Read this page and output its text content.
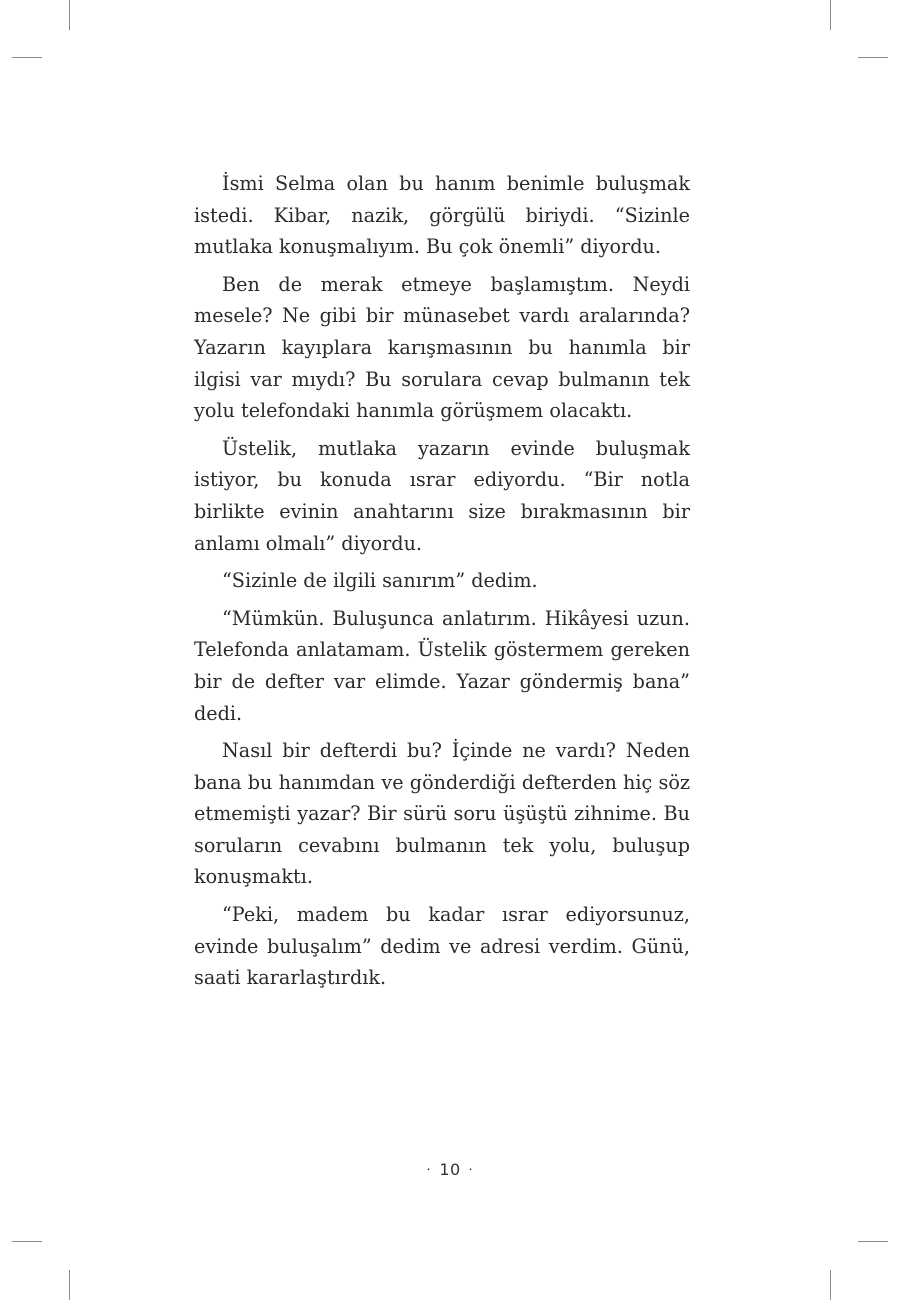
İsmi Selma olan bu hanım benimle buluşmak istedi. Kibar, nazik, görgülü biriydi. “Sizinle mutlaka konuşmalıyım. Bu çok önemli” diyordu.

Ben de merak etmeye başlamıştım. Neydi mesele? Ne gibi bir münasebet vardı aralarında? Yazarın kayıplara karışmasının bu hanımla bir ilgisi var mıydı? Bu sorulara cevap bulmanın tek yolu telefondaki hanımla görüşmem olacaktı.

Üstelik, mutlaka yazarın evinde buluşmak istiyor, bu konuda ısrar ediyordu. “Bir notla birlikte evinin anahtarını size bırakmasının bir anlamı olmalı” diyordu.

“Sizinle de ilgili sanırım” dedim.

“Mümkün. Buluşunca anlatırım. Hikâyesi uzun. Telefonda anlatamam. Üstelik göstermem gereken bir de defter var elimde. Yazar göndermiş bana” dedi.

Nasıl bir defterdi bu? İçinde ne vardı? Neden bana bu hanımdan ve gönderdiği defterden hiç söz etmemişti yazar? Bir sürü soru üşüştü zihnime. Bu soruların cevabını bulmanın tek yolu, buluşup konuşmaktı.

“Peki, madem bu kadar ısrar ediyorsunuz, evinde buluşalım” dedim ve adresi verdim. Günü, saati kararlaştırdık.

⸱ 10 ⸱
